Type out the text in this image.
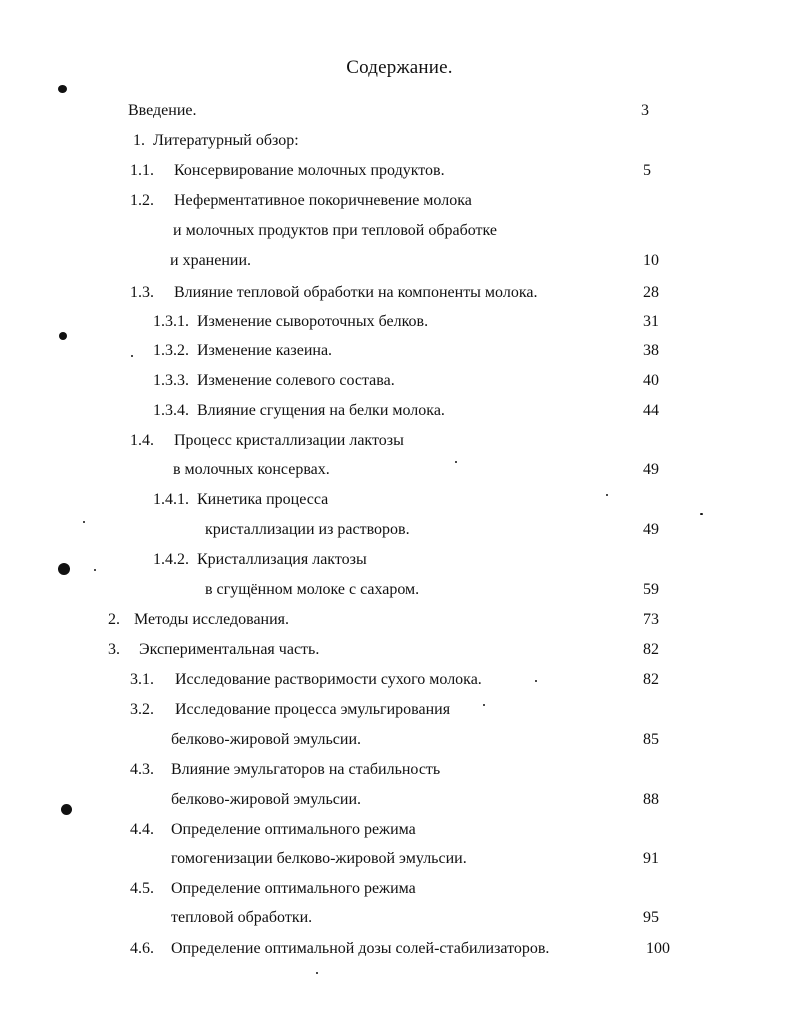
Содержание.
Введение.	3
1. Литературный обзор:
1.1. Консервирование молочных продуктов.	5
1.2. Неферментативное покоричневение молока
и молочных продуктов при тепловой обработке
и хранении.	10
1.3. Влияние тепловой обработки на компоненты молока.	28
1.3.1. Изменение сывороточных белков.	31
1.3.2. Изменение казеина.	38
1.3.3. Изменение солевого состава.	40
1.3.4. Влияние сгущения на белки молока.	44
1.4. Процесс кристаллизации лактозы
в молочных консервах.	49
1.4.1. Кинетика процесса
кристаллизации из растворов.	49
1.4.2. Кристаллизация лактозы
в сгущённом молоке с сахаром.	59
2. Методы исследования.	73
3. Экспериментальная часть.	82
3.1. Исследование растворимости сухого молока.	82
3.2. Исследование процесса эмульгирования
белково-жировой эмульсии.	85
4.3. Влияние эмульгаторов на стабильность
белково-жировой эмульсии.	88
4.4. Определение оптимального режима
гомогенизации белково-жировой эмульсии.	91
4.5. Определение оптимального режима
тепловой обработки.	95
4.6. Определение оптимальной дозы солей-стабилизаторов.	100
